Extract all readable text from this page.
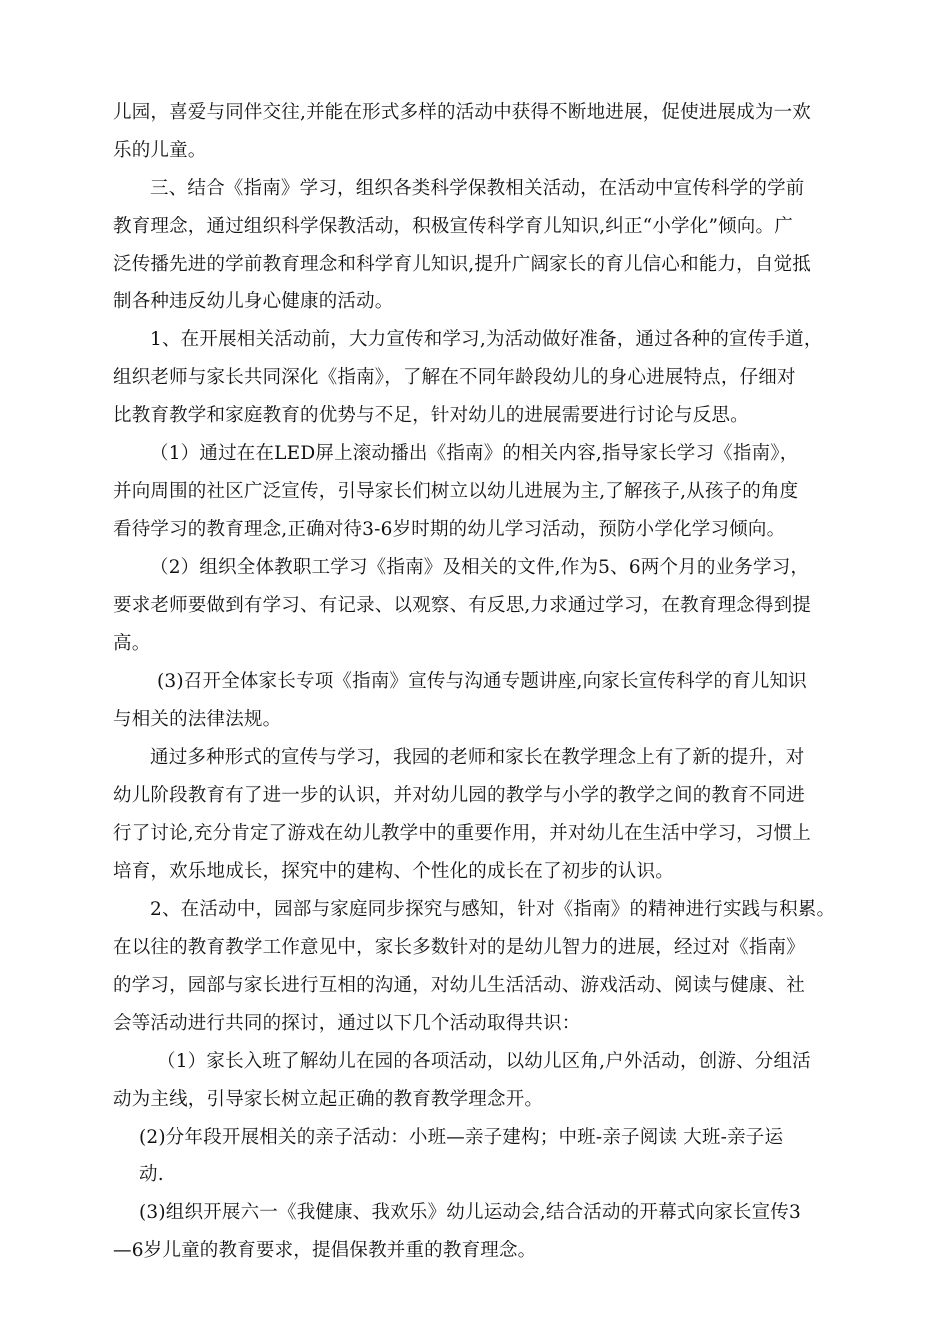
儿园，喜爱与同伴交往,并能在形式多样的活动中获得不断地进展，促使进展成为一欢
乐的儿童。
三、结合《指南》学习，组织各类科学保教相关活动，在活动中宣传科学的学前
教育理念，通过组织科学保教活动，积极宣传科学育儿知识,纠正“小学化”倾向。广
泛传播先进的学前教育理念和科学育儿知识,提升广阔家长的育儿信心和能力，自觉抵
制各种违反幼儿身心健康的活动。
1、在开展相关活动前，大力宣传和学习,为活动做好准备，通过各种的宣传手道，
组织老师与家长共同深化《指南》，了解在不同年龄段幼儿的身心进展特点，仔细对
比教育教学和家庭教育的优势与不足，针对幼儿的进展需要进行讨论与反思。
（1）通过在在LED屏上滚动播出《指南》的相关内容,指导家长学习《指南》，
并向周围的社区广泛宣传，引导家长们树立以幼儿进展为主,了解孩子,从孩子的角度
看待学习的教育理念,正确对待3-6岁时期的幼儿学习活动，预防小学化学习倾向。
（2）组织全体教职工学习《指南》及相关的文件,作为5、6两个月的业务学习，
要求老师要做到有学习、有记录、以观察、有反思,力求通过学习，在教育理念得到提
高。
(3)召开全体家长专项《指南》宣传与沟通专题讲座,向家长宣传科学的育儿知识
与相关的法律法规。
通过多种形式的宣传与学习，我园的老师和家长在教学理念上有了新的提升，对
幼儿阶段教育有了进一步的认识，并对幼儿园的教学与小学的教学之间的教育不同进
行了讨论,充分肯定了游戏在幼儿教学中的重要作用，并对幼儿在生活中学习，习惯上
培育，欢乐地成长，探究中的建构、个性化的成长在了初步的认识。
2、在活动中，园部与家庭同步探究与感知，针对《指南》的精神进行实践与积累。
在以往的教育教学工作意见中，家长多数针对的是幼儿智力的进展，经过对《指南》
的学习，园部与家长进行互相的沟通，对幼儿生活活动、游戏活动、阅读与健康、社
会等活动进行共同的探讨，通过以下几个活动取得共识：
（1）家长入班了解幼儿在园的各项活动，以幼儿区角,户外活动，创游、分组活
动为主线，引导家长树立起正确的教育教学理念开。
(2)分年段开展相关的亲子活动：小班—亲子建构；中班-亲子阅读 大班-亲子运
动.
(3)组织开展六一《我健康、我欢乐》幼儿运动会,结合活动的开幕式向家长宣传3
—6岁儿童的教育要求，提倡保教并重的教育理念。
